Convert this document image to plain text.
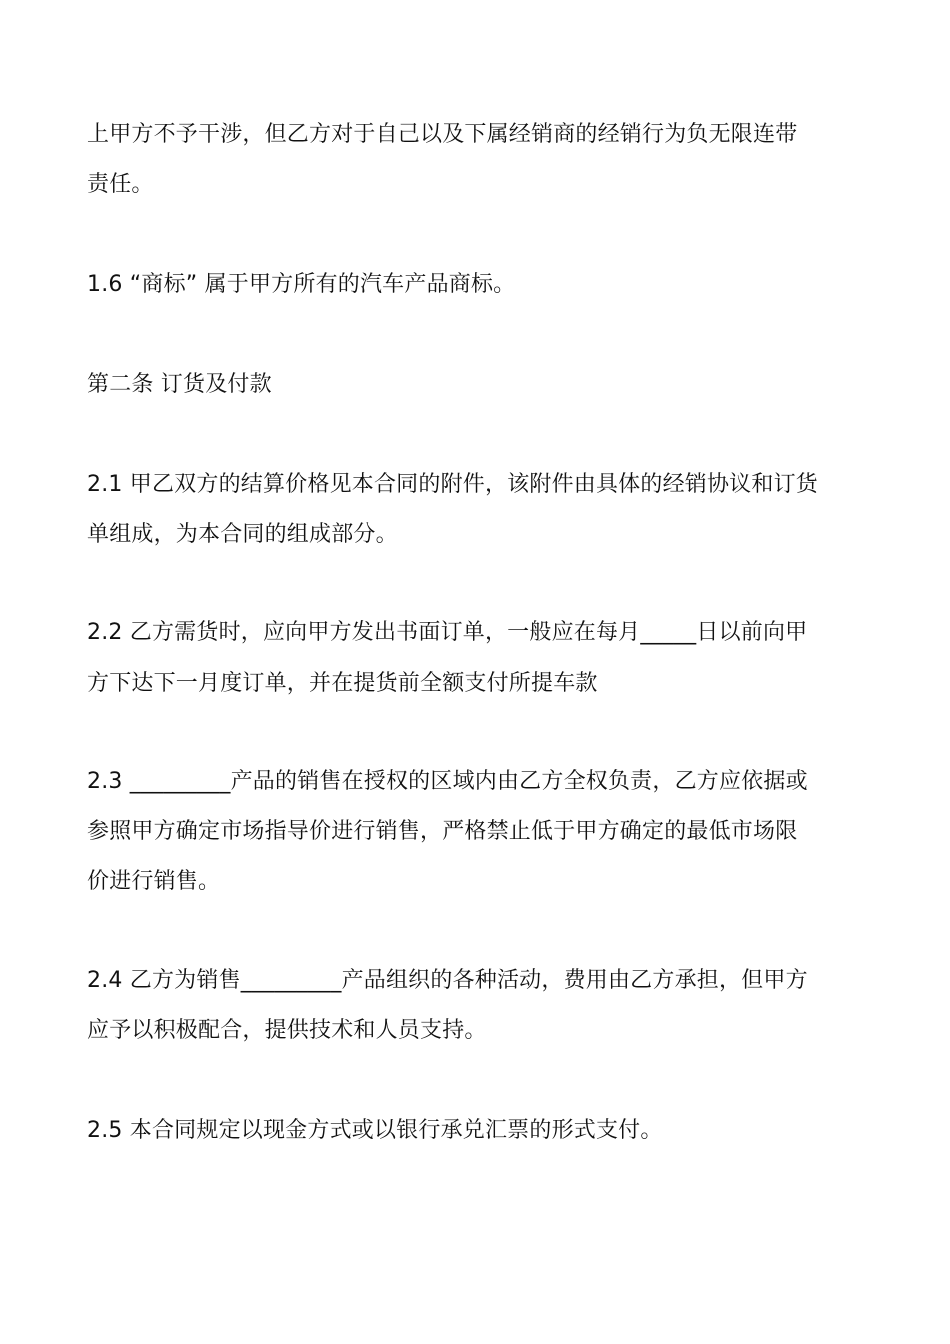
上甲方不予干涉，但乙方对于自己以及下属经销商的经销行为负无限连带
责任。
1.6 “商标” 属于甲方所有的汽车产品商标。
第二条 订货及付款
2.1 甲乙双方的结算价格见本合同的附件，该附件由具体的经销协议和订货
单组成，为本合同的组成部分。
2.2 乙方需货时，应向甲方发出书面订单，一般应在每月_____日以前向甲
方下达下一月度订单，并在提货前全额支付所提车款
2.3 _________产品的销售在授权的区域内由乙方全权负责，乙方应依据或
参照甲方确定市场指导价进行销售，严格禁止低于甲方确定的最低市场限
价进行销售。
2.4 乙方为销售_________产品组织的各种活动，费用由乙方承担，但甲方
应予以积极配合，提供技术和人员支持。
2.5 本合同规定以现金方式或以银行承兑汇票的形式支付。
